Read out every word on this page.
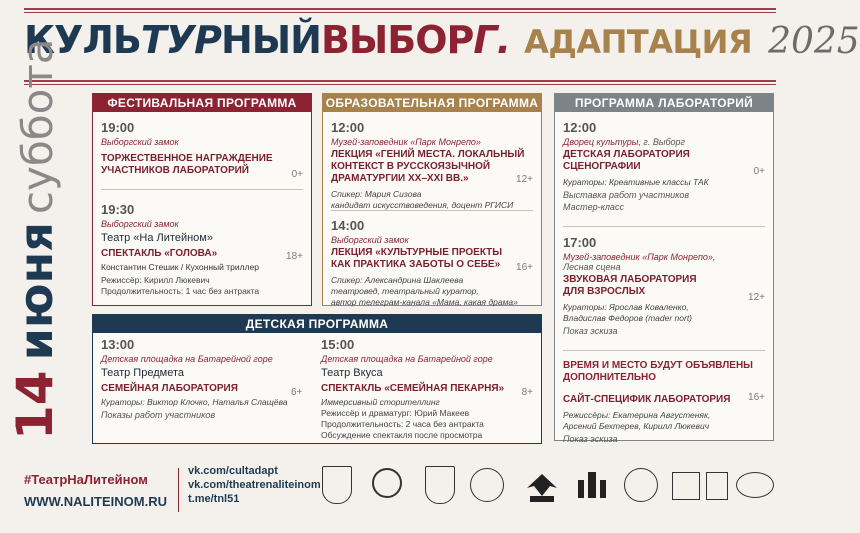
КУЛЬ ТУР НЫЙ ВЫБОР Г. АДАПТАЦИЯ 2025
14июнясуббота	ФЕСТИВАЛЬНАЯ ПРОГРАММА
19:00
Выборгский замок
ТОРЖЕСТВЕННОЕ НАГРАЖДЕНИЕ
УЧАСТНИКОВ ЛАБОРАТОРИЙ	0+
19:30
Выборгский замок
Театр «На Литейном»
СПЕКТАКЛЬ «ГОЛОВА»
Константин Стешик / Кухонный триллер
Режиссёр: Кирилл Люкевич
Продолжительность: 1 час без антракта
18+
ОБРАЗОВАТЕЛЬНАЯ ПРОГРАММА
12:00
Музей-заповедник «Парк Монрепо»
ЛЕКЦИЯ «ГЕНИЙ МЕСТА. ЛОКАЛЬНЫЙ
КОНТЕКСТ В РУССКОЯЗЫЧНОЙ
ДРАМАТУРГИИ XX–XXI ВВ.»
Спикер: Мария Сизова
кандидат искусствоведения, доцент РГИСИ
12+
14:00
Выборгский замок
ЛЕКЦИЯ «КУЛЬТУРНЫЕ ПРОЕКТЫ
КАК ПРАКТИКА ЗАБОТЫ О СЕБЕ»
Спикер: Александрина Шаклеева
театровед, театральный куратор,
автор телеграм-канала «Мама, какая драма»
16+
ПРОГРАММА ЛАБОРАТОРИЙ
12:00
Дворец культуры, г. Выборг
ДЕТСКАЯ ЛАБОРАТОРИЯ
СЦЕНОГРАФИИ
Кураторы: Креативные классы ТАК
Выставка работ участников
Мастер-класс
0+
17:00
Музей-заповедник «Парк Монрепо»,
Лесная сцена
ЗВУКОВАЯ ЛАБОРАТОРИЯ
ДЛЯ ВЗРОСЛЫХ
Кураторы: Ярослав Коваленко,
Владислав Федоров (mader nort)
Показ эскиза
12+
ВРЕМЯ И МЕСТО БУДУТ ОБЪЯВЛЕНЫ
ДОПОЛНИТЕЛЬНО
САЙТ-СПЕЦИФИК ЛАБОРАТОРИЯ
Режиссёры: Екатерина Августеняк,
Арсений Бехтерев, Кирилл Люкевич
Показ эскиза
16+
ДЕТСКАЯ ПРОГРАММА
13:00
Детская площадка на Батарейной горе
Театр Предмета
СЕМЕЙНАЯ ЛАБОРАТОРИЯ
Кураторы: Виктор Клочко, Наталья Слащёва
Показы работ участников
6+
15:00
Детская площадка на Батарейной горе
Театр Вкуса
СПЕКТАКЛЬ «СЕМЕЙНАЯ ПЕКАРНЯ»
Иммерсивный сторителлинг
Режиссёр и драматург: Юрий Макеев
Продолжительность: 2 часа без антракта
Обсуждение спектакля после просмотра
8+
#ТеатрНаЛитейном
WWW.NALITEINOM.RU
vk.com/cultadapt
vk.com/theatrenaliteinom
t.me/tnl51
